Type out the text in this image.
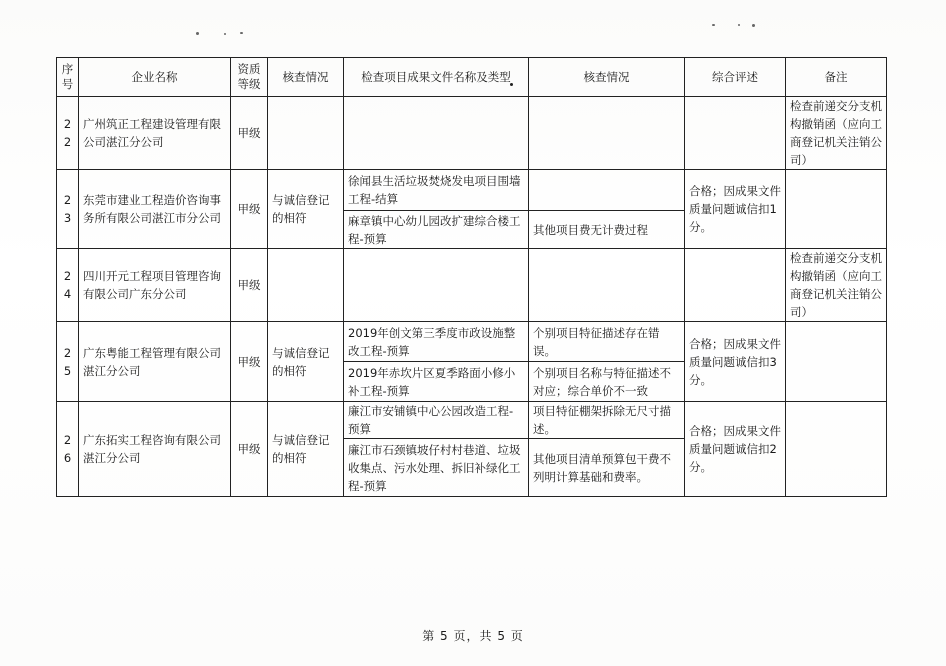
序号	企业名称	资质等级	核查情况	检查项目成果文件名称及类型	核查情况	综合评述	备注
22	广州筑正工程建设管理有限公司湛江分公司	甲级					检查前递交分支机构撤销函（应向工商登记机关注销公司）
23	东莞市建业工程造价咨询事务所有限公司湛江市分公司	甲级	与诚信登记的相符	徐闻县生活垃圾焚烧发电项目围墙工程-结算		合格；因成果文件质量问题诚信扣1分。	
				麻章镇中心幼儿园改扩建综合楼工程-预算	其他项目费无计费过程		
24	四川开元工程项目管理咨询有限公司广东分公司	甲级					检查前递交分支机构撤销函（应向工商登记机关注销公司）
25	广东粤能工程管理有限公司湛江分公司	甲级	与诚信登记的相符	2019年创文第三季度市政设施整改工程-预算	个别项目特征描述存在错误。	合格；因成果文件质量问题诚信扣3分。	
				2019年赤坎片区夏季路面小修小补工程-预算	个别项目名称与特征描述不对应；综合单价不一致		
26	广东拓实工程咨询有限公司湛江分公司	甲级	与诚信登记的相符	廉江市安铺镇中心公园改造工程-预算	项目特征棚架拆除无尺寸描述。	合格；因成果文件质量问题诚信扣2分。	
				廉江市石颈镇坡仔村村巷道、垃圾收集点、污水处理、拆旧补绿化工程-预算	其他项目清单预算包干费不列明计算基础和费率。		
第 5 页，共 5 页
